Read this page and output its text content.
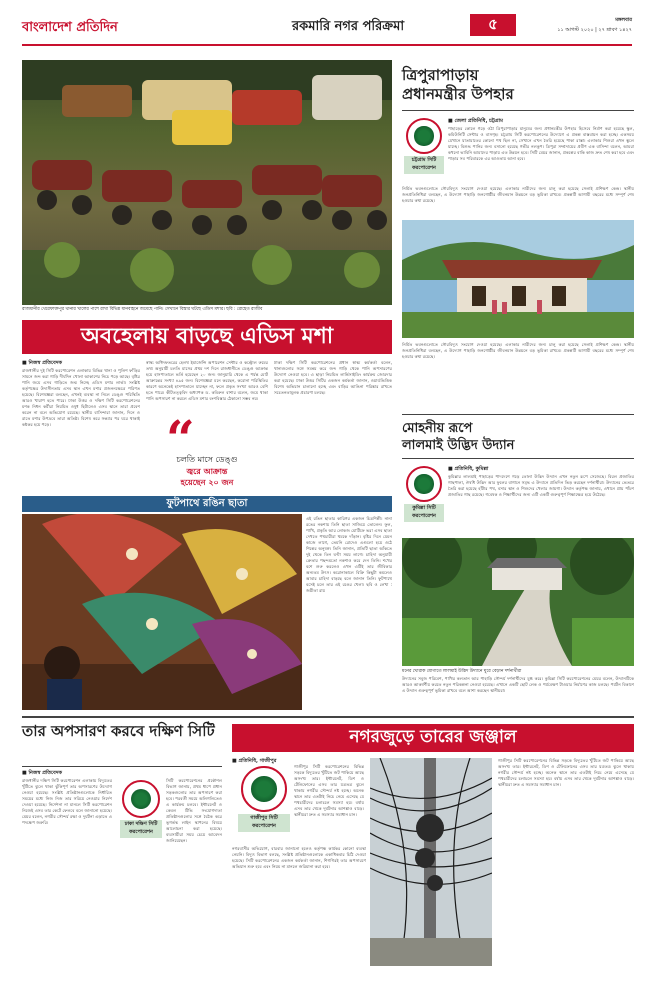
বাংলাদেশ প্রতিদিন	রকমারি নগর পরিক্রমা	৫	মঙ্গলবার
১১ আগস্ট ২০২০ | ২৭ শ্রাবণ ১৪২৭
রাজধানীর থেরেফাক্তপুর থানার খালের পাশে রাখা বিভিন্ন যানবাহনে জমেছে পানি। সেখানে বিস্তার ঘটছে এডিস মশার। ছবি : রোহেত রাজীব
অবহেলায় বাড়ছে এডিস মশা
■ নিজস্ব প্রতিবেদক
রাজধানীর দুই সিটি করপোরেশন এলাকায় বিভিন্ন থানা ও পুলিশ ফাঁড়ির সামনে জব্দ করা গাড়ি দীর্ঘদিন খোলা আকাশের নিচে পড়ে আছে। বৃষ্টির পানি জমে এসব গাড়িতে জন্ম নিচ্ছে এডিস মশার লার্ভা। সংশ্লিষ্ট কর্তৃপক্ষের উদাসীনতায় এসব স্থান এখন মশার প্রজননক্ষেত্রে পরিণত হয়েছে। বিশেষজ্ঞরা বলছেন, এখনই ব্যবস্থা না নিলে ডেঙ্গু পরিস্থিতি আরও খারাপ হতে পারে। ঢাকা উত্তর ও দক্ষিণ সিটি করপোরেশনের মশক নিধন কর্মীরা নিয়মিত ওষুধ ছিটালেও এসব স্থানে তারা প্রবেশ করেন না বলে অভিযোগ রয়েছে। স্থানীয় বাসিন্দারা জানান, দিনে ও রাতে মশার উপদ্রবে তারা অতিষ্ঠ। বিশেষ করে সন্ধ্যার পর ঘরে থাকাই কষ্টকর হয়ে পড়ে।
স্বাস্থ্য অধিদফতরের হেলথ ইমার্জেন্সি অপারেশন সেন্টার ও কন্ট্রোল রুমের তথ্য অনুযায়ী চলতি মাসের প্রথম দশ দিনে রাজধানীতে ডেঙ্গু আক্রান্ত হয়ে হাসপাতালে ভর্তি হয়েছেন ২০ জন। জানুয়ারি থেকে এ পর্যন্ত মোট আক্রান্তের সংখ্যা ৪৯৫ জন। বিশেষজ্ঞরা মনে করছেন, করোনা পরিস্থিতির কারণে অনেকেই হাসপাতালে যাচ্ছেন না, ফলে প্রকৃত সংখ্যা আরও বেশি হতে পারে। কীটতত্ত্ববিদ অধ্যাপক ড. কবিরুল বাশার বলেন, জমে থাকা পানি অপসারণ না করলে এডিস মশার বংশবিস্তার ঠেকানো সম্ভব নয়।
ঢাকা দক্ষিণ সিটি করপোরেশনের প্রধান স্বাস্থ্য কর্মকর্তা বলেন, থানাগুলোর সঙ্গে সমন্বয় করে জব্দ গাড়ি থেকে পানি অপসারণের উদ্যোগ নেওয়া হবে। এ ছাড়া নিয়মিত লার্ভিসাইডিং কার্যক্রম জোরদার করা হয়েছে। ঢাকা উত্তর সিটির একজন কর্মকর্তা জানান, ওয়ার্ডভিত্তিক বিশেষ অভিযান চালানো হচ্ছে এবং বাড়ির আঙিনা পরিষ্কার রাখতে সচেতনতামূলক প্রচারণা চলছে।
“
চলতি মাসে ডেঙ্গু
জ্বরে আক্রান্ত
হয়েছেন ২০ জন
ফুটপাথে রঙিন ছাতা
এই রঙিন ছাতার কারিগর একজন চিত্রশিল্পী। নানা রঙের নকশায় তিনি ছাতা সাজিয়ে তোলেন। ফুল, পাখি, প্রকৃতি আর লোকজ মোটিফে ভরা এসব ছাতা দেখতে পথচারীরা থমকে দাঁড়ান। বৃষ্টির দিনে যেমন কাজে লাগে, তেমনি রোদেও এগুলো হয়ে ওঠে শিল্পের অনুষঙ্গ। তিনি জানান, প্রতিটি ছাতা আঁকতে দুই থেকে তিন ঘণ্টা সময় লাগে। চাহিদা অনুযায়ী ক্রেতার পছন্দমতো নকশাও করে দেন তিনি। শখের বশে শুরু করলেও এখন এটিই তার জীবিকার অন্যতম উৎস। করোনাকালে বিক্রি কিছুটা কমলেও আবার চাহিদা বাড়ছে বলে জানান তিনি। ফুটপাথে বসেই চলে তার এই রঙের খেলা। ছবি ও লেখা : জয়ীতা রায়
ত্রিপুরাপাড়ায়
প্রধানমন্ত্রীর উপহার
চট্টগ্রাম সিটি করপোরেশন
■ জেলা প্রতিনিধি, চট্টগ্রাম
পাহাড়ের কোলে গড়ে ওঠা ত্রিপুরাপাড়ার মানুষের জন্য প্রধানমন্ত্রীর উপহার হিসেবে নির্মাণ করা হয়েছে স্কুল, কমিউনিটি সেন্টার ও বাসগৃহ। চট্টগ্রাম সিটি করপোরেশনের উদ্যোগে এ প্রকল্প বাস্তবায়ন করা হচ্ছে। একসময় যেখানে যাতায়াতের কোনো পথ ছিল না, সেখানে এখন তৈরি হয়েছে পাকা রাস্তা। এলাকার শিশুরা এখন স্কুলে যাচ্ছে। বিশুদ্ধ পানির জন্য বসানো হয়েছে গভীর নলকূপ। ত্রিপুরা সম্প্রদায়ের প্রবীণ এক বাসিন্দা বলেন, আমরা কখনো ভাবিনি আমাদের পাড়ায় এত উন্নয়ন হবে। সিটি মেয়র জানান, প্রকল্পের বাকি কাজ দ্রুত শেষ করা হবে এবং পাড়ার সব পরিবারকে এর আওতায় আনা হবে।
নির্মিত ভবনগুলোতে সৌরবিদ্যুৎ সংযোগ দেওয়া হয়েছে। এলাকার নারীদের জন্য চালু করা হয়েছে সেলাই প্রশিক্ষণ কেন্দ্র। স্থানীয় জনপ্রতিনিধিরা বলছেন, এ উদ্যোগ পাহাড়ি জনগোষ্ঠীর জীবনমান উন্নয়নে বড় ভূমিকা রাখবে। প্রকল্পটি আগামী বছরের মধ্যে সম্পূর্ণ শেষ হওয়ার কথা রয়েছে।
নির্মিত ভবনগুলোতে সৌরবিদ্যুৎ সংযোগ দেওয়া হয়েছে। এলাকার নারীদের জন্য চালু করা হয়েছে সেলাই প্রশিক্ষণ কেন্দ্র। স্থানীয় জনপ্রতিনিধিরা বলছেন, এ উদ্যোগ পাহাড়ি জনগোষ্ঠীর জীবনমান উন্নয়নে বড় ভূমিকা রাখবে। প্রকল্পটি আগামী বছরের মধ্যে সম্পূর্ণ শেষ হওয়ার কথা রয়েছে।
মোহনীয় রূপে
লালমাই উদ্ভিদ উদ্যান
কুমিল্লা সিটি করপোরেশন
■ প্রতিনিধি, কুমিল্লা
কুমিল্লার লালমাই পাহাড়ের পাদদেশে গড়ে তোলা উদ্ভিদ উদ্যান এখন নতুন রূপে সেজেছে। বিরল প্রজাতির গাছপালা, ঔষধি উদ্ভিদ আর ফুলের বাগানে সমৃদ্ধ এ উদ্যানে প্রতিদিন ভিড় করছেন দর্শনার্থীরা। উদ্যানের ভেতরে তৈরি করা হয়েছে হাঁটার পথ, বসার স্থান ও শিশুদের খেলার জায়গা। উদ্যান কর্তৃপক্ষ জানায়, এখানে প্রায় পাঁচশ প্রজাতির গাছ রয়েছে। গবেষক ও শিক্ষার্থীদের জন্য এটি একটি গুরুত্বপূর্ণ শিক্ষাক্ষেত্র হয়ে উঠেছে।
মনের খোরাক যোগাতে লালমাই উদ্ভিদ উদ্যানে ঘুরে বেড়ান দর্শনার্থীরা
উদ্যানের সবুজ পরিবেশ, পাখির কলতান আর পাহাড়ি সৌন্দর্য দর্শনার্থীদের মুগ্ধ করে। কুমিল্লা সিটি করপোরেশনের মেয়র বলেন, উদ্যানটিকে আরও আকর্ষণীয় করতে নতুন পরিকল্পনা নেওয়া হয়েছে। এখানে একটি ছোট লেক ও পর্যবেক্ষণ টাওয়ার নির্মাণের কাজ চলছে। পর্যটন বিকাশে এ উদ্যান গুরুত্বপূর্ণ ভূমিকা রাখবে বলে আশা করছেন স্থানীয়রা।
তার অপসারণ করবে দক্ষিণ সিটি
■ নিজস্ব প্রতিবেদক
রাজধানীর দক্ষিণ সিটি করপোরেশন এলাকায় বিদ্যুতের খুঁটিতে ঝুলে থাকা ঝুঁকিপূর্ণ তার অপসারণের উদ্যোগ নেওয়া হয়েছে। সংশ্লিষ্ট প্রতিষ্ঠানগুলোকে নির্ধারিত সময়ের মধ্যে নিজ নিজ তার সরিয়ে নেওয়ার নির্দেশ দেওয়া হয়েছে। নির্দেশনা না মানলে সিটি করপোরেশন নিজেই এসব তার কেটে ফেলবে বলে জানানো হয়েছে। মেয়র বলেন, নগরীর সৌন্দর্য রক্ষা ও দুর্ঘটনা এড়াতে এ পদক্ষেপ জরুরি।	ঢাকা দক্ষিণ সিটি করপোরেশন
সিটি করপোরেশনের প্রকৌশল বিভাগ জানায়, প্রথম ধাপে প্রধান সড়কগুলোর তার অপসারণ করা হবে। পরবর্তী সময়ে অলিগলিতেও এ কার্যক্রম চলবে। ইন্টারনেট ও কেবল টিভি সংযোগদাতা প্রতিষ্ঠানগুলোর সঙ্গে বৈঠক করে ভূগর্ভস্থ লাইন স্থাপনের বিষয়ে আলোচনা করা হয়েছে। ব্যবসায়ীরা সময় চেয়ে আবেদন জানিয়েছেন।
নগরজুড়ে তারের জঞ্জাল
■ প্রতিনিধি, গাজীপুর
গাজীপুর সিটি করপোরেশন
গাজীপুর সিটি করপোরেশনের বিভিন্ন সড়কে বিদ্যুতের খুঁটিতে জট পাকিয়ে আছে অসংখ্য তার। ইন্টারনেট, ডিশ ও টেলিফোনের এসব তার যত্রতত্র ঝুলে থাকায় নগরীর সৌন্দর্য নষ্ট হচ্ছে। অনেক স্থানে তার এতটাই নিচে নেমে এসেছে যে পথচারীদের চলাচলে সমস্যা হয়। বর্ষায় এসব তার থেকে দুর্ঘটনার আশঙ্কাও বাড়ে। স্থানীয়রা দ্রুত এ সমস্যার সমাধান চান।
নগরবাসীর অভিযোগ, বারবার জানানো হলেও কর্তৃপক্ষ কার্যকর কোনো ব্যবস্থা নেয়নি। বিদ্যুৎ বিভাগ বলছে, সংশ্লিষ্ট প্রতিষ্ঠানগুলোকে একাধিকবার চিঠি দেওয়া হয়েছে। সিটি করপোরেশনের একজন কর্মকর্তা জানান, শিগগিরই তার অপসারণে অভিযান শুরু হবে এবং নিয়ম না মানলে জরিমানা করা হবে।
গাজীপুর সিটি করপোরেশনের বিভিন্ন সড়কে বিদ্যুতের খুঁটিতে জট পাকিয়ে আছে অসংখ্য তার। ইন্টারনেট, ডিশ ও টেলিফোনের এসব তার যত্রতত্র ঝুলে থাকায় নগরীর সৌন্দর্য নষ্ট হচ্ছে। অনেক স্থানে তার এতটাই নিচে নেমে এসেছে যে পথচারীদের চলাচলে সমস্যা হয়। বর্ষায় এসব তার থেকে দুর্ঘটনার আশঙ্কাও বাড়ে। স্থানীয়রা দ্রুত এ সমস্যার সমাধান চান।
